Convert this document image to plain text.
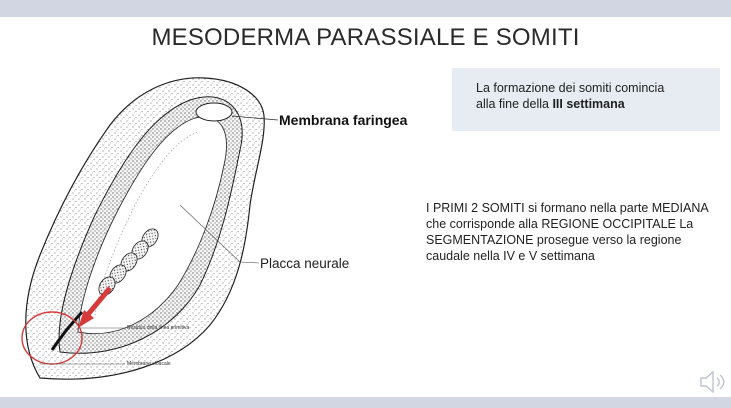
MESODERMA PARASSIALE E SOMITI
La formazione dei somiti comincia
alla fine della III settimana
I PRIMI 2 SOMITI si formano nella parte MEDIANA che corrisponde alla REGIONE OCCIPITALE La SEGMENTAZIONE prosegue verso la regione caudale nella IV e V settimana
Membrana faringea
Placca neurale
Residuo della linea primitiva
Membrana cloacale
